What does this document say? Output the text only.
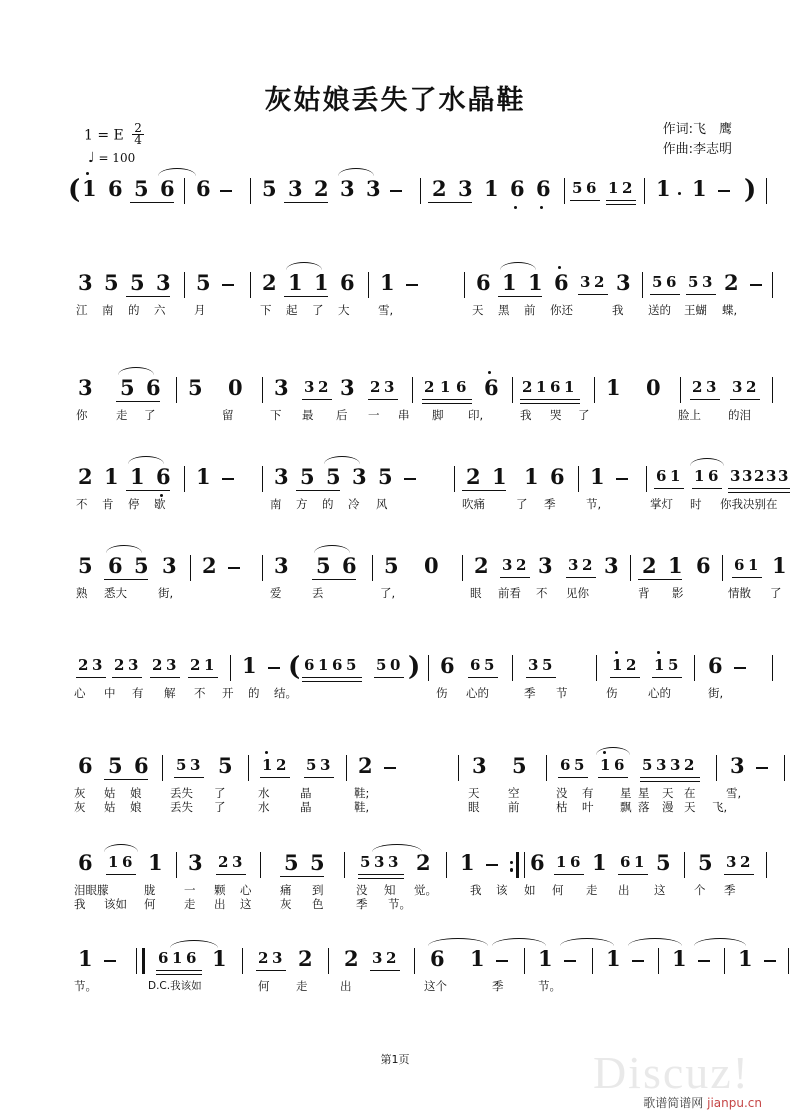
灰姑娘丢失了水晶鞋
1 = E $\frac{2}{4}$
♩ = 100
作词:飞　鹰
作曲:李志明
( 1 6 5 6 6 5 3 2 3 3 2 3 1 6 6 5 6 1 2 1 1 )
3 5 5 3 5 2 1 1 6 1	6 1 1 6 3 2 3 5 6 5 3 2
江 南 的 六 月	下 起 了 大 雪,	天 黑 前 你还	我 送的 王蝴 蝶,
3 5 6 5 0 3 3 2 3 2 3 2 1 6 6 2 1 6 1 1 0 2 3 3 2
你 走 了	留	下 最 后 一 串 脚 印,	我 哭 了	脸上 的泪
2 1 1 6 1	3 5 5 3 5	2 1 1 6 1	6 1 1 6 3 3 2 3 3
不 肯 停 歇	南 方 的 冷 风	吹痛	了 季	节,	掌灯 时 你我决别在
5 6 5 3 2	3 5 6 5 0 2 3 2 3 3 2 3 2 1 6 6 1 1
熟 悉大	街,	爱	丢	了,	眼 前看 不 见你	背 影	情散 了
2 3 2 3 2 3 2 1 1 ( 6 1 6 5 5 0 ) 6 6 5 3 5	1 2 1 5 6
心 中 有 解 不 开 的 结。	伤 心的	季 节	伤	心的	街,
6 5 6 5 3 5 1 2 5 3 2	3 5 6 5 1 6 5 3 3 2 3
灰 姑 娘 丢失 了	水	晶	鞋;	天 空	没 有 星 星 天 在	雪,
灰 姑 娘 丢失 了	水	晶	鞋,	眼 前	枯 叶 飘 落 漫 天 飞,
6 1 6 1 3 2 3 5 5 5 3 3 2 1	6 1 6 1 6 1 5 5 3 2
泪眼朦	胧 一 颗 心 痛 到	没 知 觉。	我 该 如 何 走 出 这 个 季
我 该如 何 走 出 这 灰 色	季 节。
1	6 1 6 1 2 3 2 2 3 2 6 1	1	1 1 1
节。	D.C.我该如	何 走	出	这个	季	节。
第1页	Discuz!
歌谱简谱网 jianpu.cn
